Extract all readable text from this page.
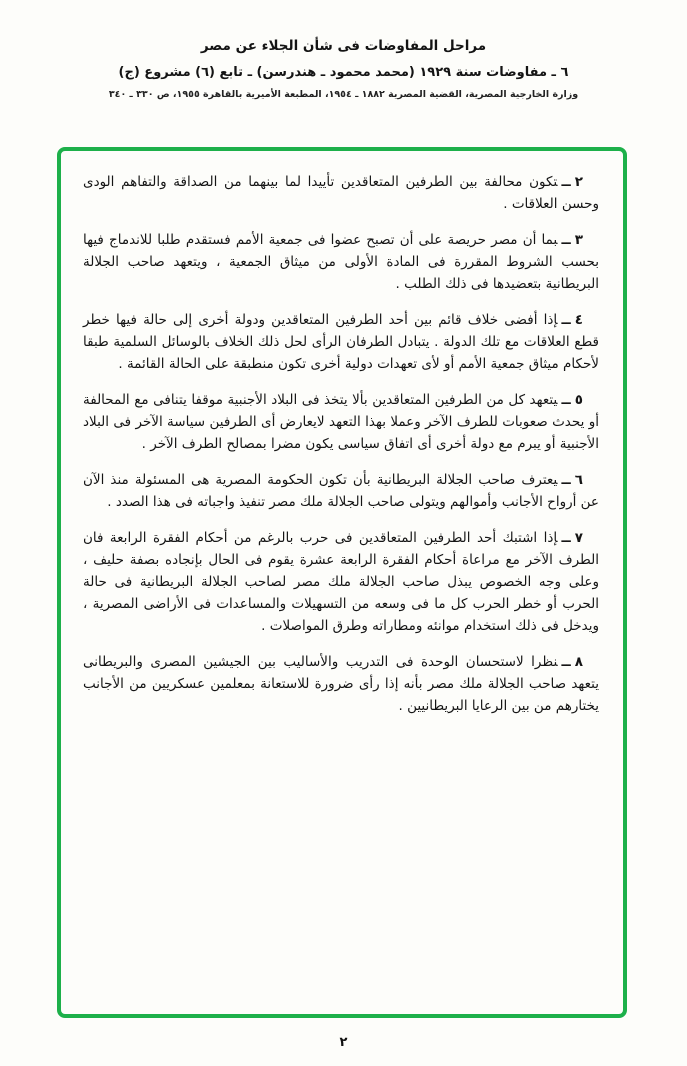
مراحل المفاوضات فى شأن الجلاء عن مصر
٦ ـ مفاوضات سنة ١٩٢٩ (محمد محمود ـ هندرسن) ـ تابع (٦) مشروع (ج)
وزارة الخارجية المصرية، القضية المصرية ١٨٨٢ ـ ١٩٥٤، المطبعة الأميرية بالقاهرة ١٩٥٥، ص ٣٣٠ ـ ٣٤٠

٢ــتكون محالفة بين الطرفين المتعاقدين تأييدا لما بينهما من الصداقة والتفاهم الودى وحسن العلاقات .

٣ــبما أن مصر حريصة على أن تصبح عضوا فى جمعية الأمم فستقدم طلبا للاندماج فيها بحسب الشروط المقررة فى المادة الأولى من ميثاق الجمعية ، ويتعهد صاحب الجلالة البريطانية بتعضيدها فى ذلك الطلب .

٤ــإذا أفضى خلاف قائم بين أحد الطرفين المتعاقدين ودولة أخرى إلى حالة فيها خطر قطع العلاقات مع تلك الدولة . يتبادل الطرفان الرأى لحل ذلك الخلاف بالوسائل السلمية طبقا لأحكام ميثاق جمعية الأمم أو لأى تعهدات دولية أخرى تكون منطبقة على الحالة القائمة .

٥ــيتعهد كل من الطرفين المتعاقدين بألا يتخذ فى البلاد الأجنبية موقفا يتنافى مع المحالفة أو يحدث صعوبات للطرف الآخر وعملا بهذا التعهد لايعارض أى الطرفين سياسة الآخر فى البلاد الأجنبية أو يبرم مع دولة أخرى أى اتفاق سياسى يكون مضرا بمصالح الطرف الآخر .

٦ــيعترف صاحب الجلالة البريطانية بأن تكون الحكومة المصرية هى المسئولة منذ الآن عن أرواح الأجانب وأموالهم ويتولى صاحب الجلالة ملك مصر تنفيذ واجباته فى هذا الصدد .

٧ــإذا اشتبك أحد الطرفين المتعاقدين فى حرب بالرغم من أحكام الفقرة الرابعة فان الطرف الآخر مع مراعاة أحكام الفقرة الرابعة عشرة يقوم فى الحال بإنجاده بصفة حليف ، وعلى وجه الخصوص يبذل صاحب الجلالة ملك مصر لصاحب الجلالة البريطانية فى حالة الحرب أو خطر الحرب كل ما فى وسعه من التسهيلات والمساعدات فى الأراضى المصرية ، ويدخل فى ذلك استخدام موانئه ومطاراته وطرق المواصلات .

٨ــنظرا لاستحسان الوحدة فى التدريب والأساليب بين الجيشين المصرى والبريطانى يتعهد صاحب الجلالة ملك مصر بأنه إذا رأى ضرورة للاستعانة بمعلمين عسكريين من الأجانب يختارهم من بين الرعايا البريطانيين .

٢
